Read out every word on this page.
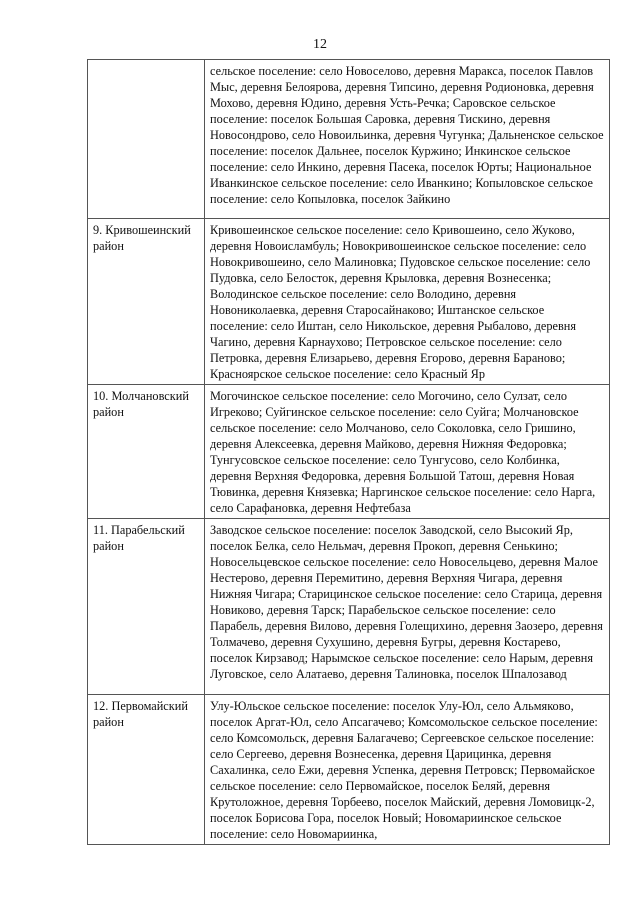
12
	сельское поселение: село Новоселово, деревня Маракса, поселок Павлов Мыс, деревня Белоярова, деревня Типсино, деревня Родионовка, деревня Мохово, деревня Юдино, деревня Усть-Речка; Саровское сельское поселение: поселок Большая Саровка, деревня Тискино, деревня Новосондрово, село Новоильинка, деревня Чугунка; Дальненское сельское поселение: поселок Дальнее, поселок Куржино; Инкинское сельское поселение: село Инкино, деревня Пасека, поселок Юрты; Национальное Иванкинское сельское поселение: село Иванкино; Копыловское сельское поселение: село Копыловка, поселок Зайкино
9. Кривошеинский район	Кривошеинское сельское поселение: село Кривошеино, село Жуково, деревня Новоисламбуль; Новокривошеинское сельское поселение: село Новокривошеино, село Малиновка; Пудовское сельское поселение: село Пудовка, село Белосток, деревня Крыловка, деревня Вознесенка; Володинское сельское поселение: село Володино, деревня Новониколаевка, деревня Старосайнаково; Иштанское сельское поселение: село Иштан, село Никольское, деревня Рыбалово, деревня Чагино, деревня Карнаухово; Петровское сельское поселение: село Петровка, деревня Елизарьево, деревня Егорово, деревня Бараново; Красноярское сельское поселение: село Красный Яр
10. Молчановский район	Могочинское сельское поселение: село Могочино, село Сулзат, село Игреково; Суйгинское сельское поселение: село Суйга; Молчановское сельское поселение: село Молчаново, село Соколовка, село Гришино, деревня Алексеевка, деревня Майково, деревня Нижняя Федоровка; Тунгусовское сельское поселение: село Тунгусово, село Колбинка, деревня Верхняя Федоровка, деревня Большой Татош, деревня Новая Тювинка, деревня Князевка; Наргинское сельское поселение: село Нарга, село Сарафановка, деревня Нефтебаза
11. Парабельский район	Заводское сельское поселение: поселок Заводской, село Высокий Яр, поселок Белка, село Нельмач, деревня Прокоп, деревня Сенькино; Новосельцевское сельское поселение: село Новосельцево, деревня Малое Нестерово, деревня Перемитино, деревня Верхняя Чигара, деревня Нижняя Чигара; Старицинское сельское поселение: село Старица, деревня Новиково, деревня Тарск; Парабельское сельское поселение: село Парабель, деревня Вилово, деревня Голещихино, деревня Заозеро, деревня Толмачево, деревня Сухушино, деревня Бугры, деревня Костарево, поселок Кирзавод; Нарымское сельское поселение: село Нарым, деревня Луговское, село Алатаево, деревня Талиновка, поселок Шпалозавод
12. Первомайский район	Улу-Юльское сельское поселение: поселок Улу-Юл, село Альмяково, поселок Аргат-Юл, село Апсагачево; Комсомольское сельское поселение: село Комсомольск, деревня Балагачево; Сергеевское сельское поселение: село Сергеево, деревня Вознесенка, деревня Царицинка, деревня Сахалинка, село Ежи, деревня Успенка, деревня Петровск; Первомайское сельское поселение: село Первомайское, поселок Беляй, деревня Крутоложное, деревня Торбеево, поселок Майский, деревня Ломовицк-2, поселок Борисова Гора, поселок Новый; Новомариинское сельское поселение: село Новомариинка,
